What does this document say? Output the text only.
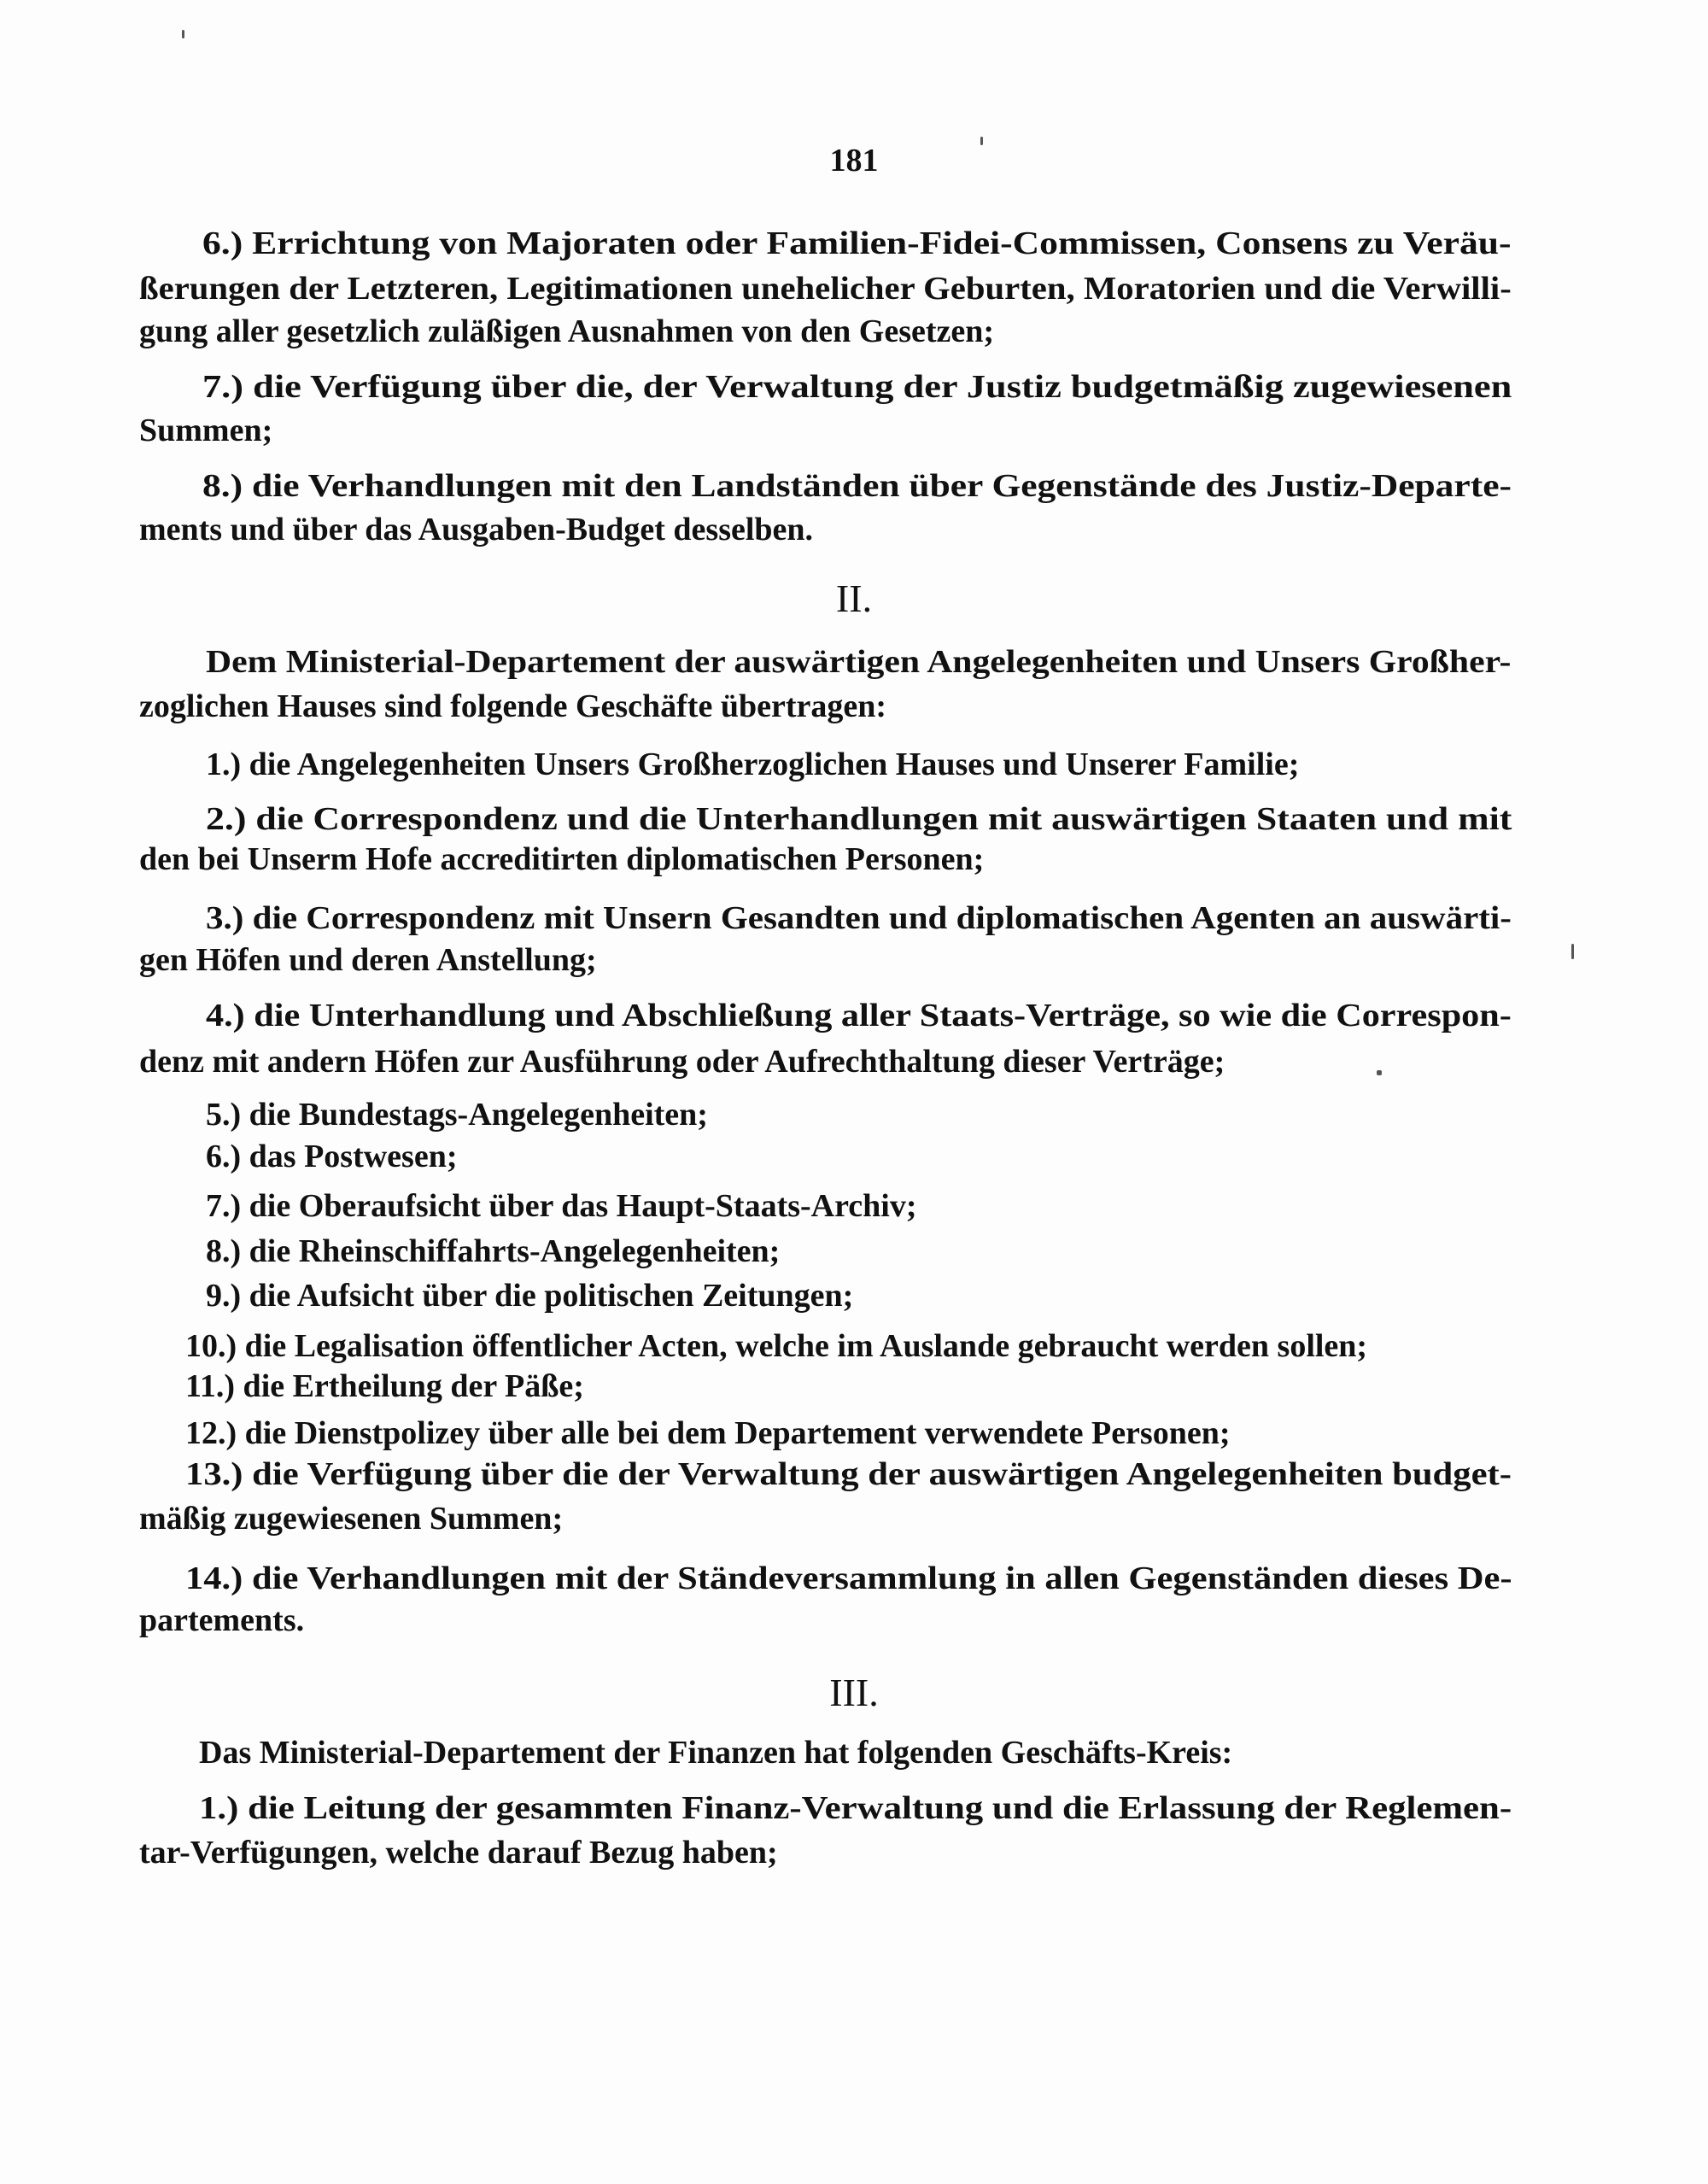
181
6.) Errichtung von Majoraten oder Familien-Fidei-Commissen, Consens zu Veräu-
ßerungen der Letzteren, Legitimationen unehelicher Geburten, Moratorien und die Verwilli-
gung aller gesetzlich zuläßigen Ausnahmen von den Gesetzen;
7.) die Verfügung über die, der Verwaltung der Justiz budgetmäßig zugewiesenen
Summen;
8.) die Verhandlungen mit den Landständen über Gegenstände des Justiz-Departe-
ments und über das Ausgaben-Budget desselben.
II.
Dem Ministerial-Departement der auswärtigen Angelegenheiten und Unsers Großher-
zoglichen Hauses sind folgende Geschäfte übertragen:
1.) die Angelegenheiten Unsers Großherzoglichen Hauses und Unserer Familie;
2.) die Correspondenz und die Unterhandlungen mit auswärtigen Staaten und mit
den bei Unserm Hofe accreditirten diplomatischen Personen;
3.) die Correspondenz mit Unsern Gesandten und diplomatischen Agenten an auswärti-
gen Höfen und deren Anstellung;
4.) die Unterhandlung und Abschließung aller Staats-Verträge, so wie die Correspon-
denz mit andern Höfen zur Ausführung oder Aufrechthaltung dieser Verträge;
5.) die Bundestags-Angelegenheiten;
6.) das Postwesen;
7.) die Oberaufsicht über das Haupt-Staats-Archiv;
8.) die Rheinschiffahrts-Angelegenheiten;
9.) die Aufsicht über die politischen Zeitungen;
10.) die Legalisation öffentlicher Acten, welche im Auslande gebraucht werden sollen;
11.) die Ertheilung der Päße;
12.) die Dienstpolizey über alle bei dem Departement verwendete Personen;
13.) die Verfügung über die der Verwaltung der auswärtigen Angelegenheiten budget-
mäßig zugewiesenen Summen;
14.) die Verhandlungen mit der Ständeversammlung in allen Gegenständen dieses De-
partements.
III.
Das Ministerial-Departement der Finanzen hat folgenden Geschäfts-Kreis:
1.) die Leitung der gesammten Finanz-Verwaltung und die Erlassung der Reglemen-
tar-Verfügungen, welche darauf Bezug haben;
